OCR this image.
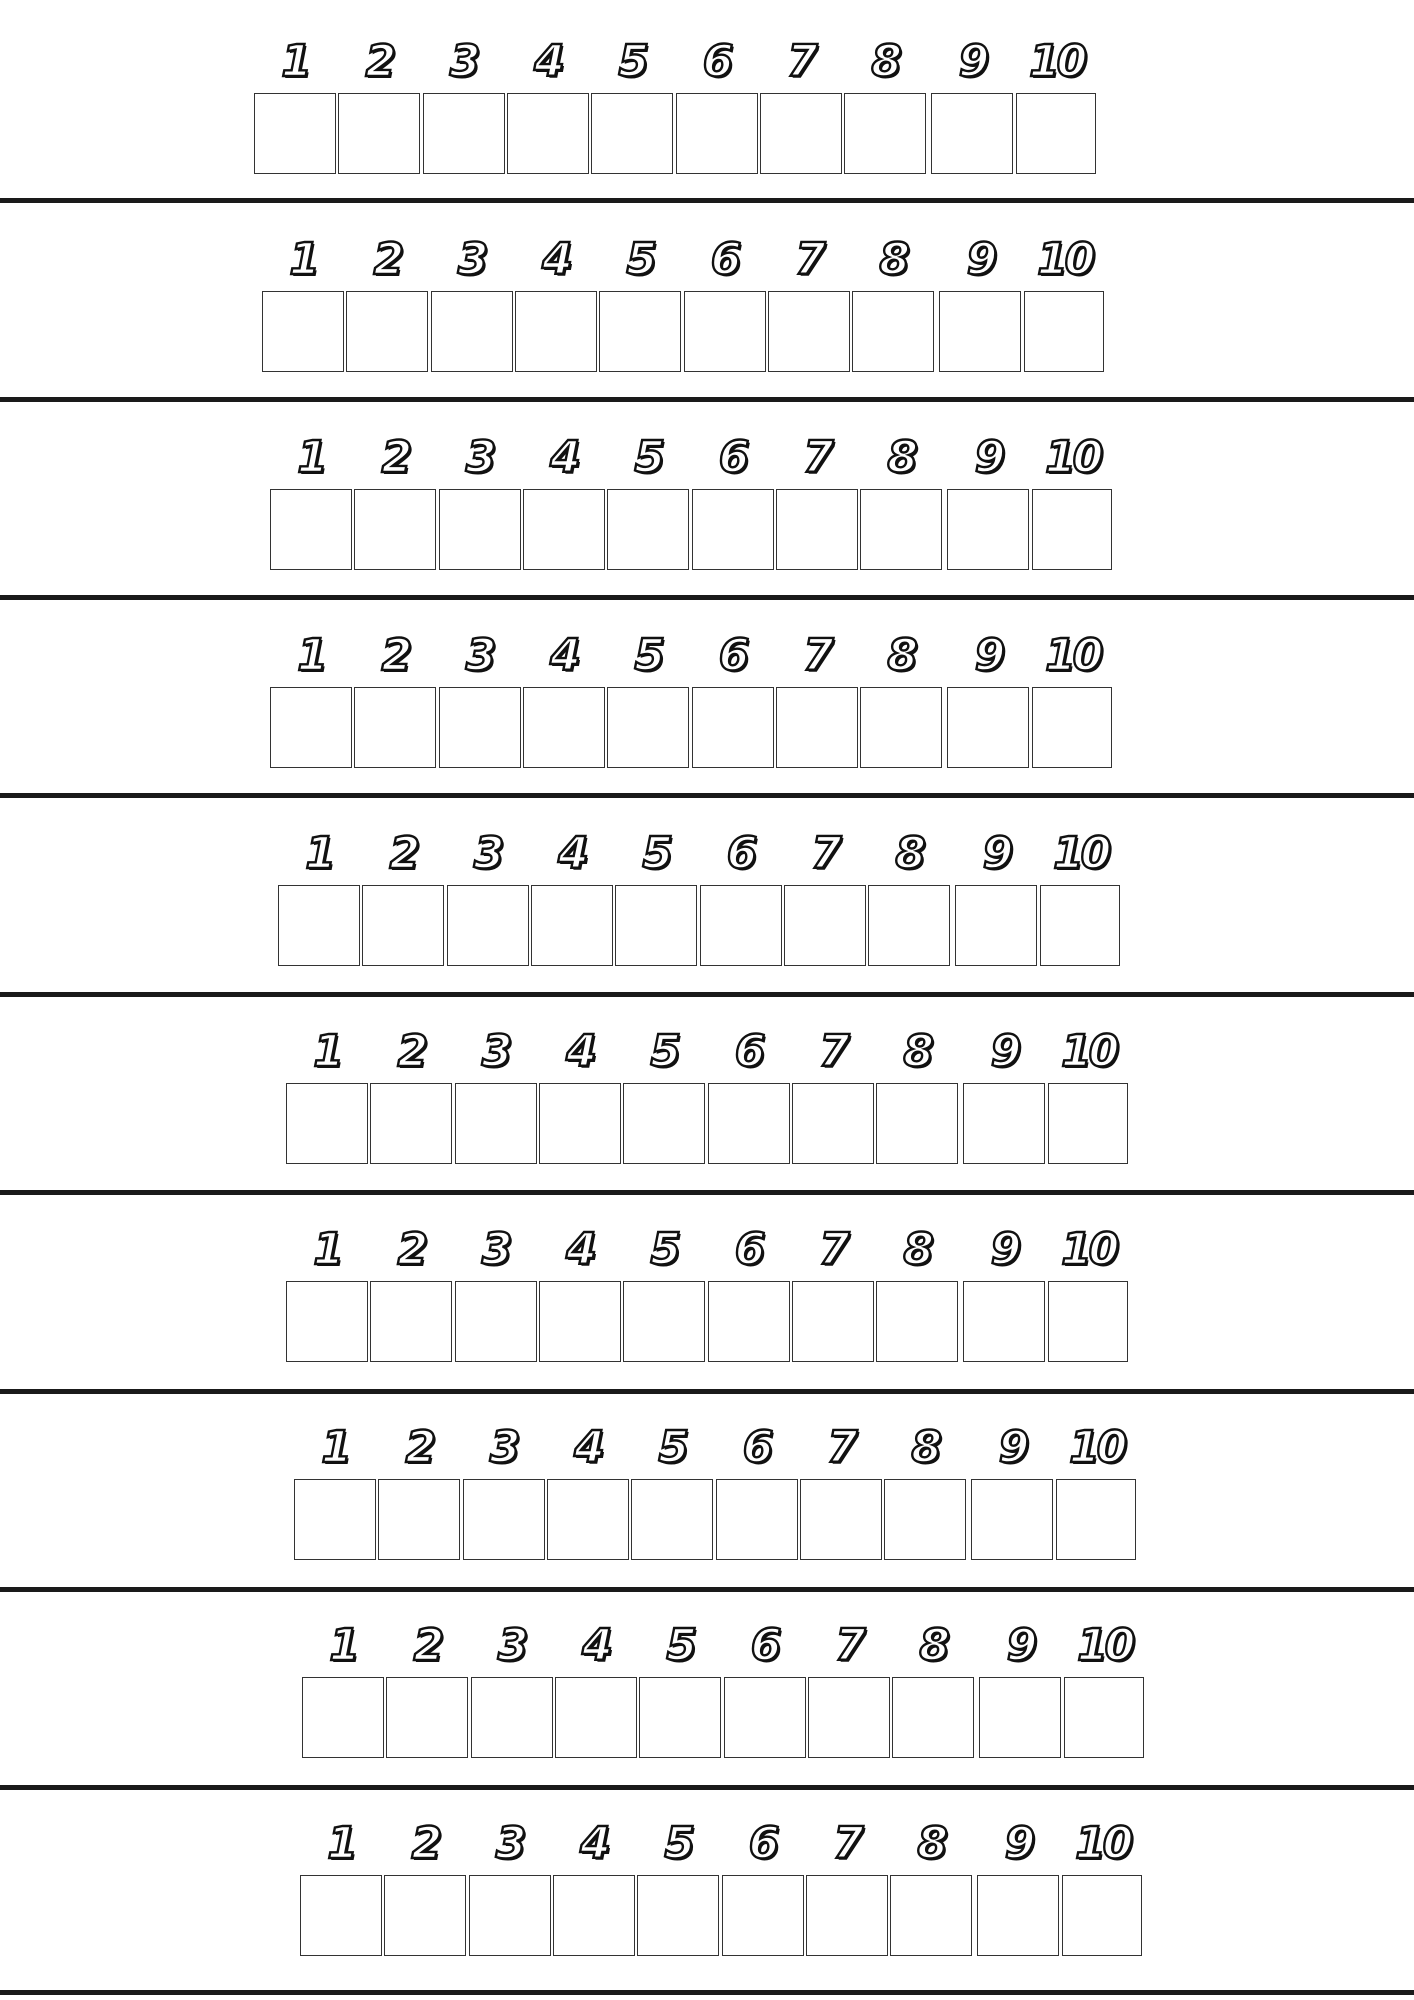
1	2	3	4	5	6	7	8	9 10
1	2	3	4	5	6	7	8	9 10
1	2	3	4	5	6	7	8	9 10
1	2	3	4	5	6	7	8	9 10
1	2	3	4	5	6	7	8	9 10
1	2	3	4	5	6	7	8	9 10
1	2	3	4	5	6	7	8	9 10
1	2	3	4	5	6	7	8	9 10
1	2	3	4	5	6	7	8	9 10
1	2	3	4	5	6	7	8	9 10
